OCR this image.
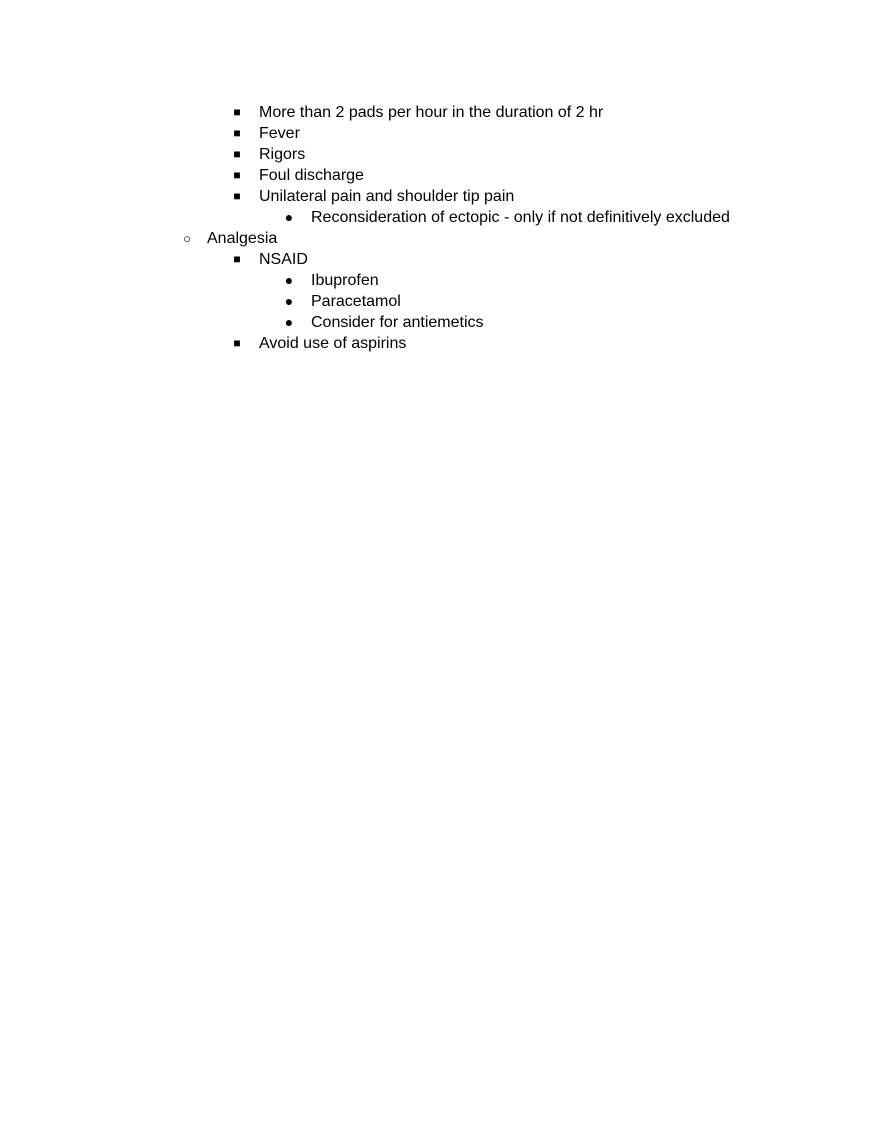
■ More than 2 pads per hour in the duration of 2 hr
■ Fever
■ Rigors
■ Foul discharge
■ Unilateral pain and shoulder tip pain
● Reconsideration of ectopic - only if not definitively excluded
○ Analgesia
■ NSAID
● Ibuprofen
● Paracetamol
● Consider for antiemetics
■ Avoid use of aspirins
